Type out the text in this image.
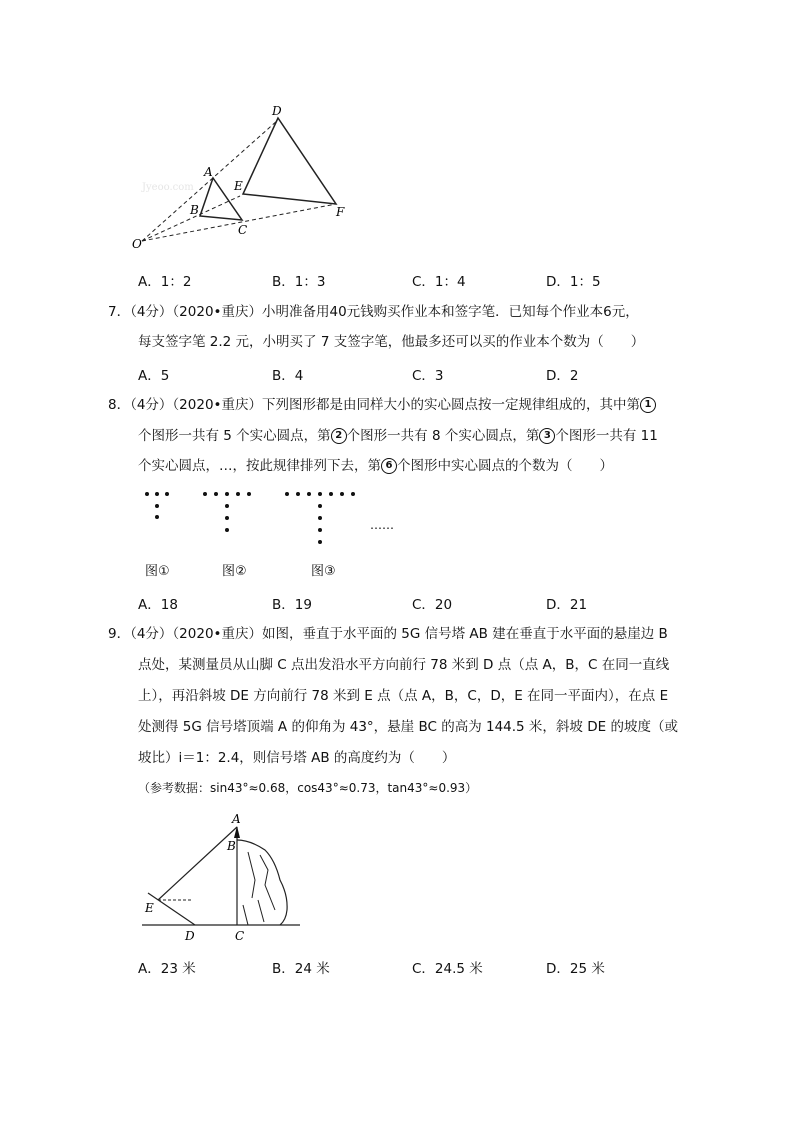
D
A
E
B
C
F
O
Jyeoo.com
A．1：2	B．1：3	C．1：4	D．1：5
7．（4分）（2020•重庆）小明准备用40元钱购买作业本和签字笔．已知每个作业本6元，
每支签字笔 2.2 元，小明买了 7 支签字笔，他最多还可以买的作业本个数为（　　）
A．5	B．4	C．3	D．2
8．（4分）（2020•重庆）下列图形都是由同样大小的实心圆点按一定规律组成的，其中第 1
个图形一共有 5 个实心圆点，第 2 个图形一共有 8 个实心圆点，第 3 个图形一共有 11
个实心圆点，…，按此规律排列下去，第 6 个图形中实心圆点的个数为（　　）
……
图①	图②	图③
A．18	B．19	C．20	D．21
9．（4分）（2020•重庆）如图，垂直于水平面的 5G 信号塔 AB 建在垂直于水平面的悬崖边 B
点处，某测量员从山脚 C 点出发沿水平方向前行 78 米到 D 点（点 A，B，C 在同一直线
上），再沿斜坡 DE 方向前行 78 米到 E 点（点 A，B，C，D，E 在同一平面内），在点 E
处测得 5G 信号塔顶端 A 的仰角为 43°，悬崖 BC 的高为 144.5 米，斜坡 DE 的坡度（或
坡比）i＝1：2.4，则信号塔 AB 的高度约为（　　）
（参考数据：sin43°≈0.68，cos43°≈0.73，tan43°≈0.93）
A
B
E
D	C
A．23 米	B．24 米	C．24.5 米	D．25 米
